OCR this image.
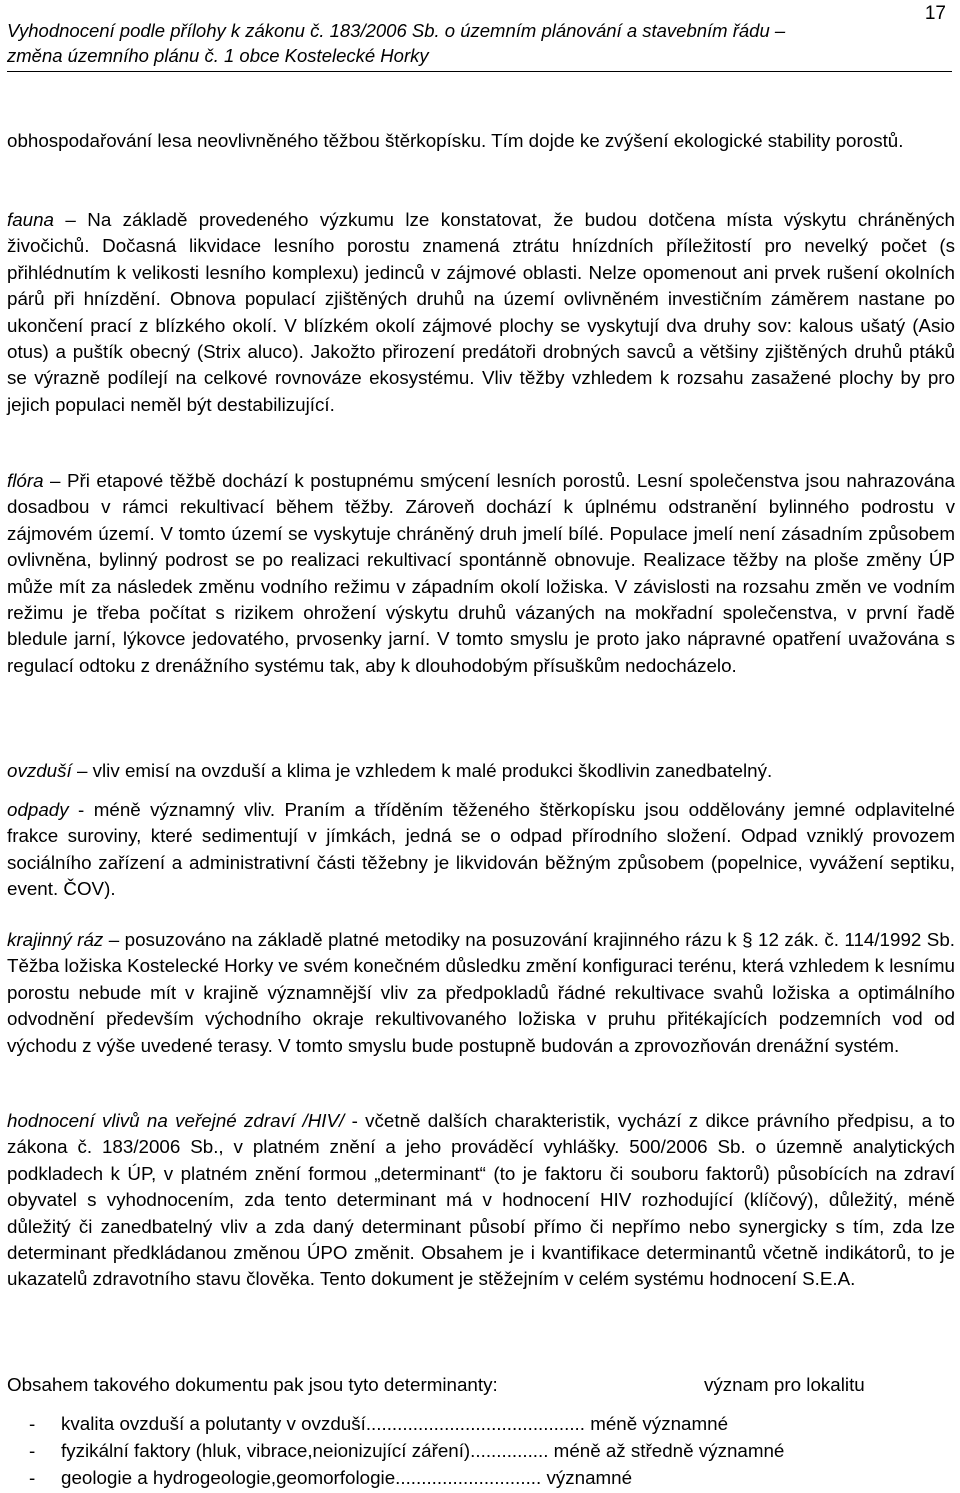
Vyhodnocení podle přílohy k zákonu č. 183/2006 Sb. o územním plánování a stavebním řádu –
změna územního plánu č. 1 obce Kostelecké Horky
17

obhospodařování lesa neovlivněného těžbou štěrkopísku. Tím dojde ke zvýšení ekologické stability porostů.

fauna – Na základě provedeného výzkumu lze konstatovat, že budou dotčena místa výskytu chráněných živočichů. Dočasná likvidace lesního porostu znamená ztrátu hnízdních příležitostí pro nevelký počet (s přihlédnutím k velikosti lesního komplexu) jedinců v zájmové oblasti. Nelze opomenout ani prvek rušení okolních párů při hnízdění. Obnova populací zjištěných druhů na území ovlivněném investičním záměrem nastane po ukončení prací z blízkého okolí. V blízkém okolí zájmové plochy se vyskytují dva druhy sov: kalous ušatý (Asio otus) a puštík obecný (Strix aluco). Jakožto přirození predátoři drobných savců a většiny zjištěných druhů ptáků se výrazně podílejí na celkové rovnováze ekosystému. Vliv těžby vzhledem k rozsahu zasažené plochy by pro jejich populaci neměl být destabilizující.

flóra – Při etapové těžbě dochází k postupnému smýcení lesních porostů. Lesní společenstva jsou nahrazována dosadbou v rámci rekultivací během těžby. Zároveň dochází k úplnému odstranění bylinného podrostu v zájmovém území. V tomto území se vyskytuje chráněný druh jmelí bílé. Populace jmelí není zásadním způsobem ovlivněna, bylinný podrost se po realizaci rekultivací spontánně obnovuje. Realizace těžby na ploše změny ÚP může mít za následek změnu vodního režimu v západním okolí ložiska. V závislosti na rozsahu změn ve vodním režimu je třeba počítat s rizikem ohrožení výskytu druhů vázaných na mokřadní společenstva, v první řadě bledule jarní, lýkovce jedovatého, prvosenky jarní. V tomto smyslu je proto jako nápravné opatření uvažována s regulací odtoku z drenážního systému tak, aby k dlouhodobým přísuškům nedocházelo.

ovzduší – vliv emisí na ovzduší a klima je vzhledem k malé produkci škodlivin zanedbatelný.

odpady - méně významný vliv. Praním a tříděním těženého štěrkopísku jsou oddělovány jemné odplavitelné frakce suroviny, které sedimentují v jímkách, jedná se o odpad přírodního složení. Odpad vzniklý provozem sociálního zařízení a administrativní části těžebny je likvidován běžným způsobem (popelnice, vyvážení septiku, event. ČOV).

krajinný ráz – posuzováno na základě platné metodiky na posuzování krajinného rázu k § 12 zák. č. 114/1992 Sb. Těžba ložiska Kostelecké Horky ve svém konečném důsledku změní konfiguraci terénu, která vzhledem k lesnímu porostu nebude mít v krajině významnější vliv za předpokladů řádné rekultivace svahů ložiska a optimálního odvodnění především východního okraje rekultivovaného ložiska v pruhu přitékajících podzemních vod od východu z výše uvedené terasy. V tomto smyslu bude postupně budován a zprovozňován drenážní systém.

hodnocení vlivů na veřejné zdraví /HIV/ - včetně dalších charakteristik, vychází z dikce právního předpisu, a to zákona č. 183/2006 Sb., v platném znění a jeho prováděcí vyhlášky. 500/2006 Sb. o územně analytických podkladech k ÚP, v platném znění formou „determinant“ (to je faktoru či souboru faktorů) působících na zdraví obyvatel s vyhodnocením, zda tento determinant má v hodnocení HIV rozhodující (klíčový), důležitý, méně důležitý či zanedbatelný vliv a zda daný determinant působí přímo či nepřímo nebo synergicky s tím, zda lze determinant předkládanou změnou ÚPO změnit. Obsahem je i kvantifikace determinantů včetně indikátorů, to je ukazatelů zdravotního stavu člověka. Tento dokument je stěžejním v celém systému hodnocení S.E.A.

Obsahem takového dokumentu pak jsou tyto determinanty:	význam pro lokalitu
- kvalita ovzduší a polutanty v ovzduší.......................................... méně významné
- fyzikální faktory (hluk, vibrace,neionizující záření)............... méně až středně významné
- geologie a hydrogeologie,geomorfologie............................ významné
